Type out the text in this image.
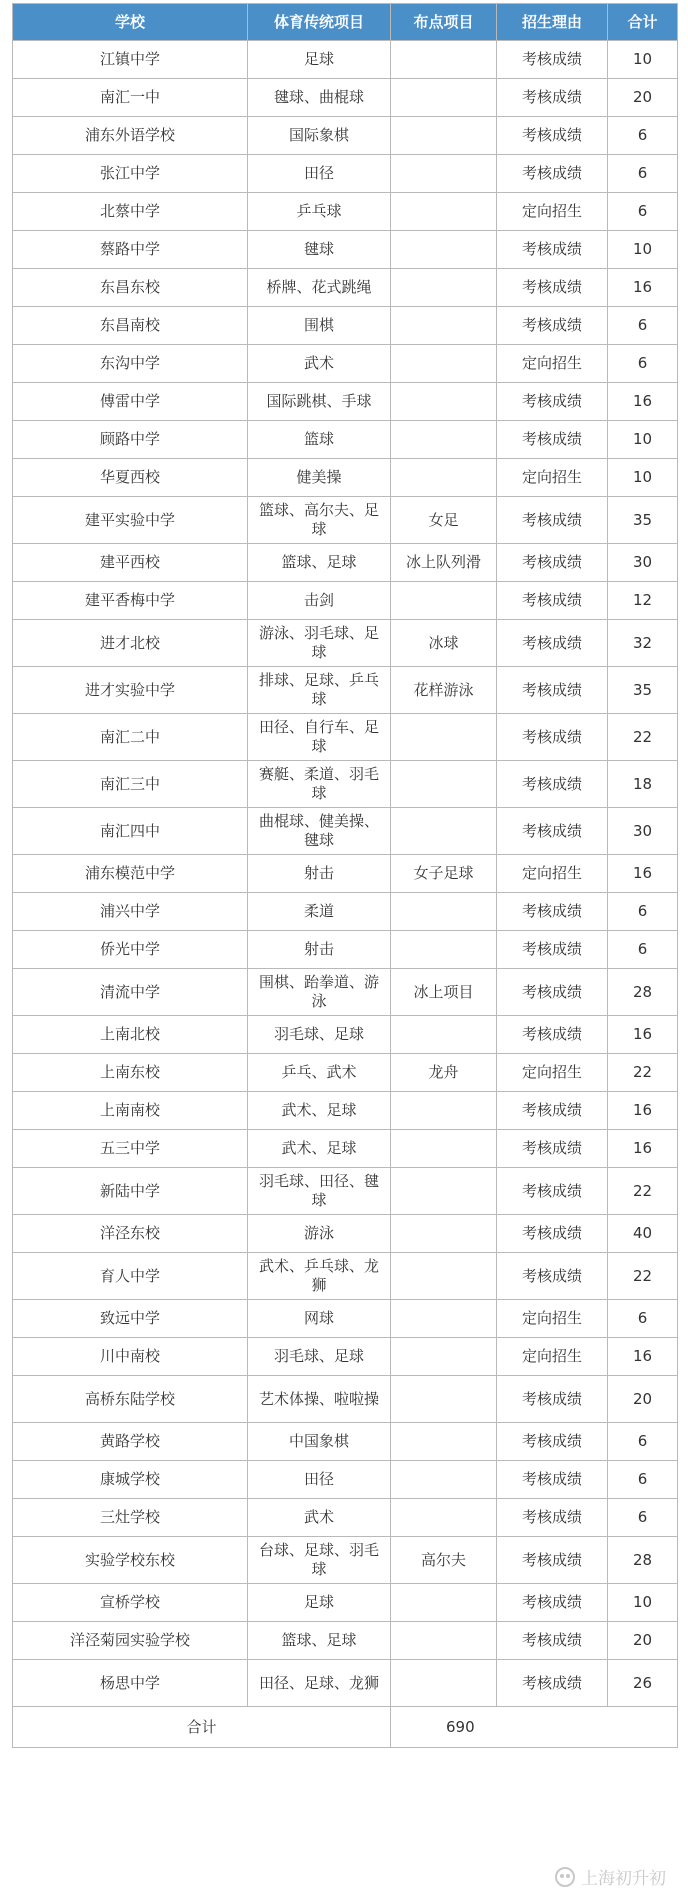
学校	体育传统项目	布点项目	招生理由	合计
江镇中学	足球		考核成绩	10
南汇一中	毽球、曲棍球		考核成绩	20
浦东外语学校	国际象棋		考核成绩	6
张江中学	田径		考核成绩	6
北蔡中学	乒乓球		定向招生	6
蔡路中学	毽球		考核成绩	10
东昌东校	桥牌、花式跳绳		考核成绩	16
东昌南校	围棋		考核成绩	6
东沟中学	武术		定向招生	6
傅雷中学	国际跳棋、手球		考核成绩	16
顾路中学	篮球		考核成绩	10
华夏西校	健美操		定向招生	10
建平实验中学	篮球、高尔夫、足球	女足	考核成绩	35
建平西校	篮球、足球	冰上队列滑	考核成绩	30
建平香梅中学	击剑		考核成绩	12
进才北校	游泳、羽毛球、足球	冰球	考核成绩	32
进才实验中学	排球、足球、乒乓球	花样游泳	考核成绩	35
南汇二中	田径、自行车、足球		考核成绩	22
南汇三中	赛艇、柔道、羽毛球		考核成绩	18
南汇四中	曲棍球、健美操、毽球		考核成绩	30
浦东模范中学	射击	女子足球	定向招生	16
浦兴中学	柔道		考核成绩	6
侨光中学	射击		考核成绩	6
清流中学	围棋、跆拳道、游泳	冰上项目	考核成绩	28
上南北校	羽毛球、足球		考核成绩	16
上南东校	乒乓、武术	龙舟	定向招生	22
上南南校	武术、足球		考核成绩	16
五三中学	武术、足球		考核成绩	16
新陆中学	羽毛球、田径、毽球		考核成绩	22
洋泾东校	游泳		考核成绩	40
育人中学	武术、乒乓球、龙狮		考核成绩	22
致远中学	网球		定向招生	6
川中南校	羽毛球、足球		定向招生	16
高桥东陆学校	艺术体操、啦啦操		考核成绩	20
黄路学校	中国象棋		考核成绩	6
康城学校	田径		考核成绩	6
三灶学校	武术		考核成绩	6
实验学校东校	台球、足球、羽毛球	高尔夫	考核成绩	28
宣桥学校	足球		考核成绩	10
洋泾菊园实验学校	篮球、足球		考核成绩	20
杨思中学	田径、足球、龙狮		考核成绩	26
合计		690		
上海初升初
